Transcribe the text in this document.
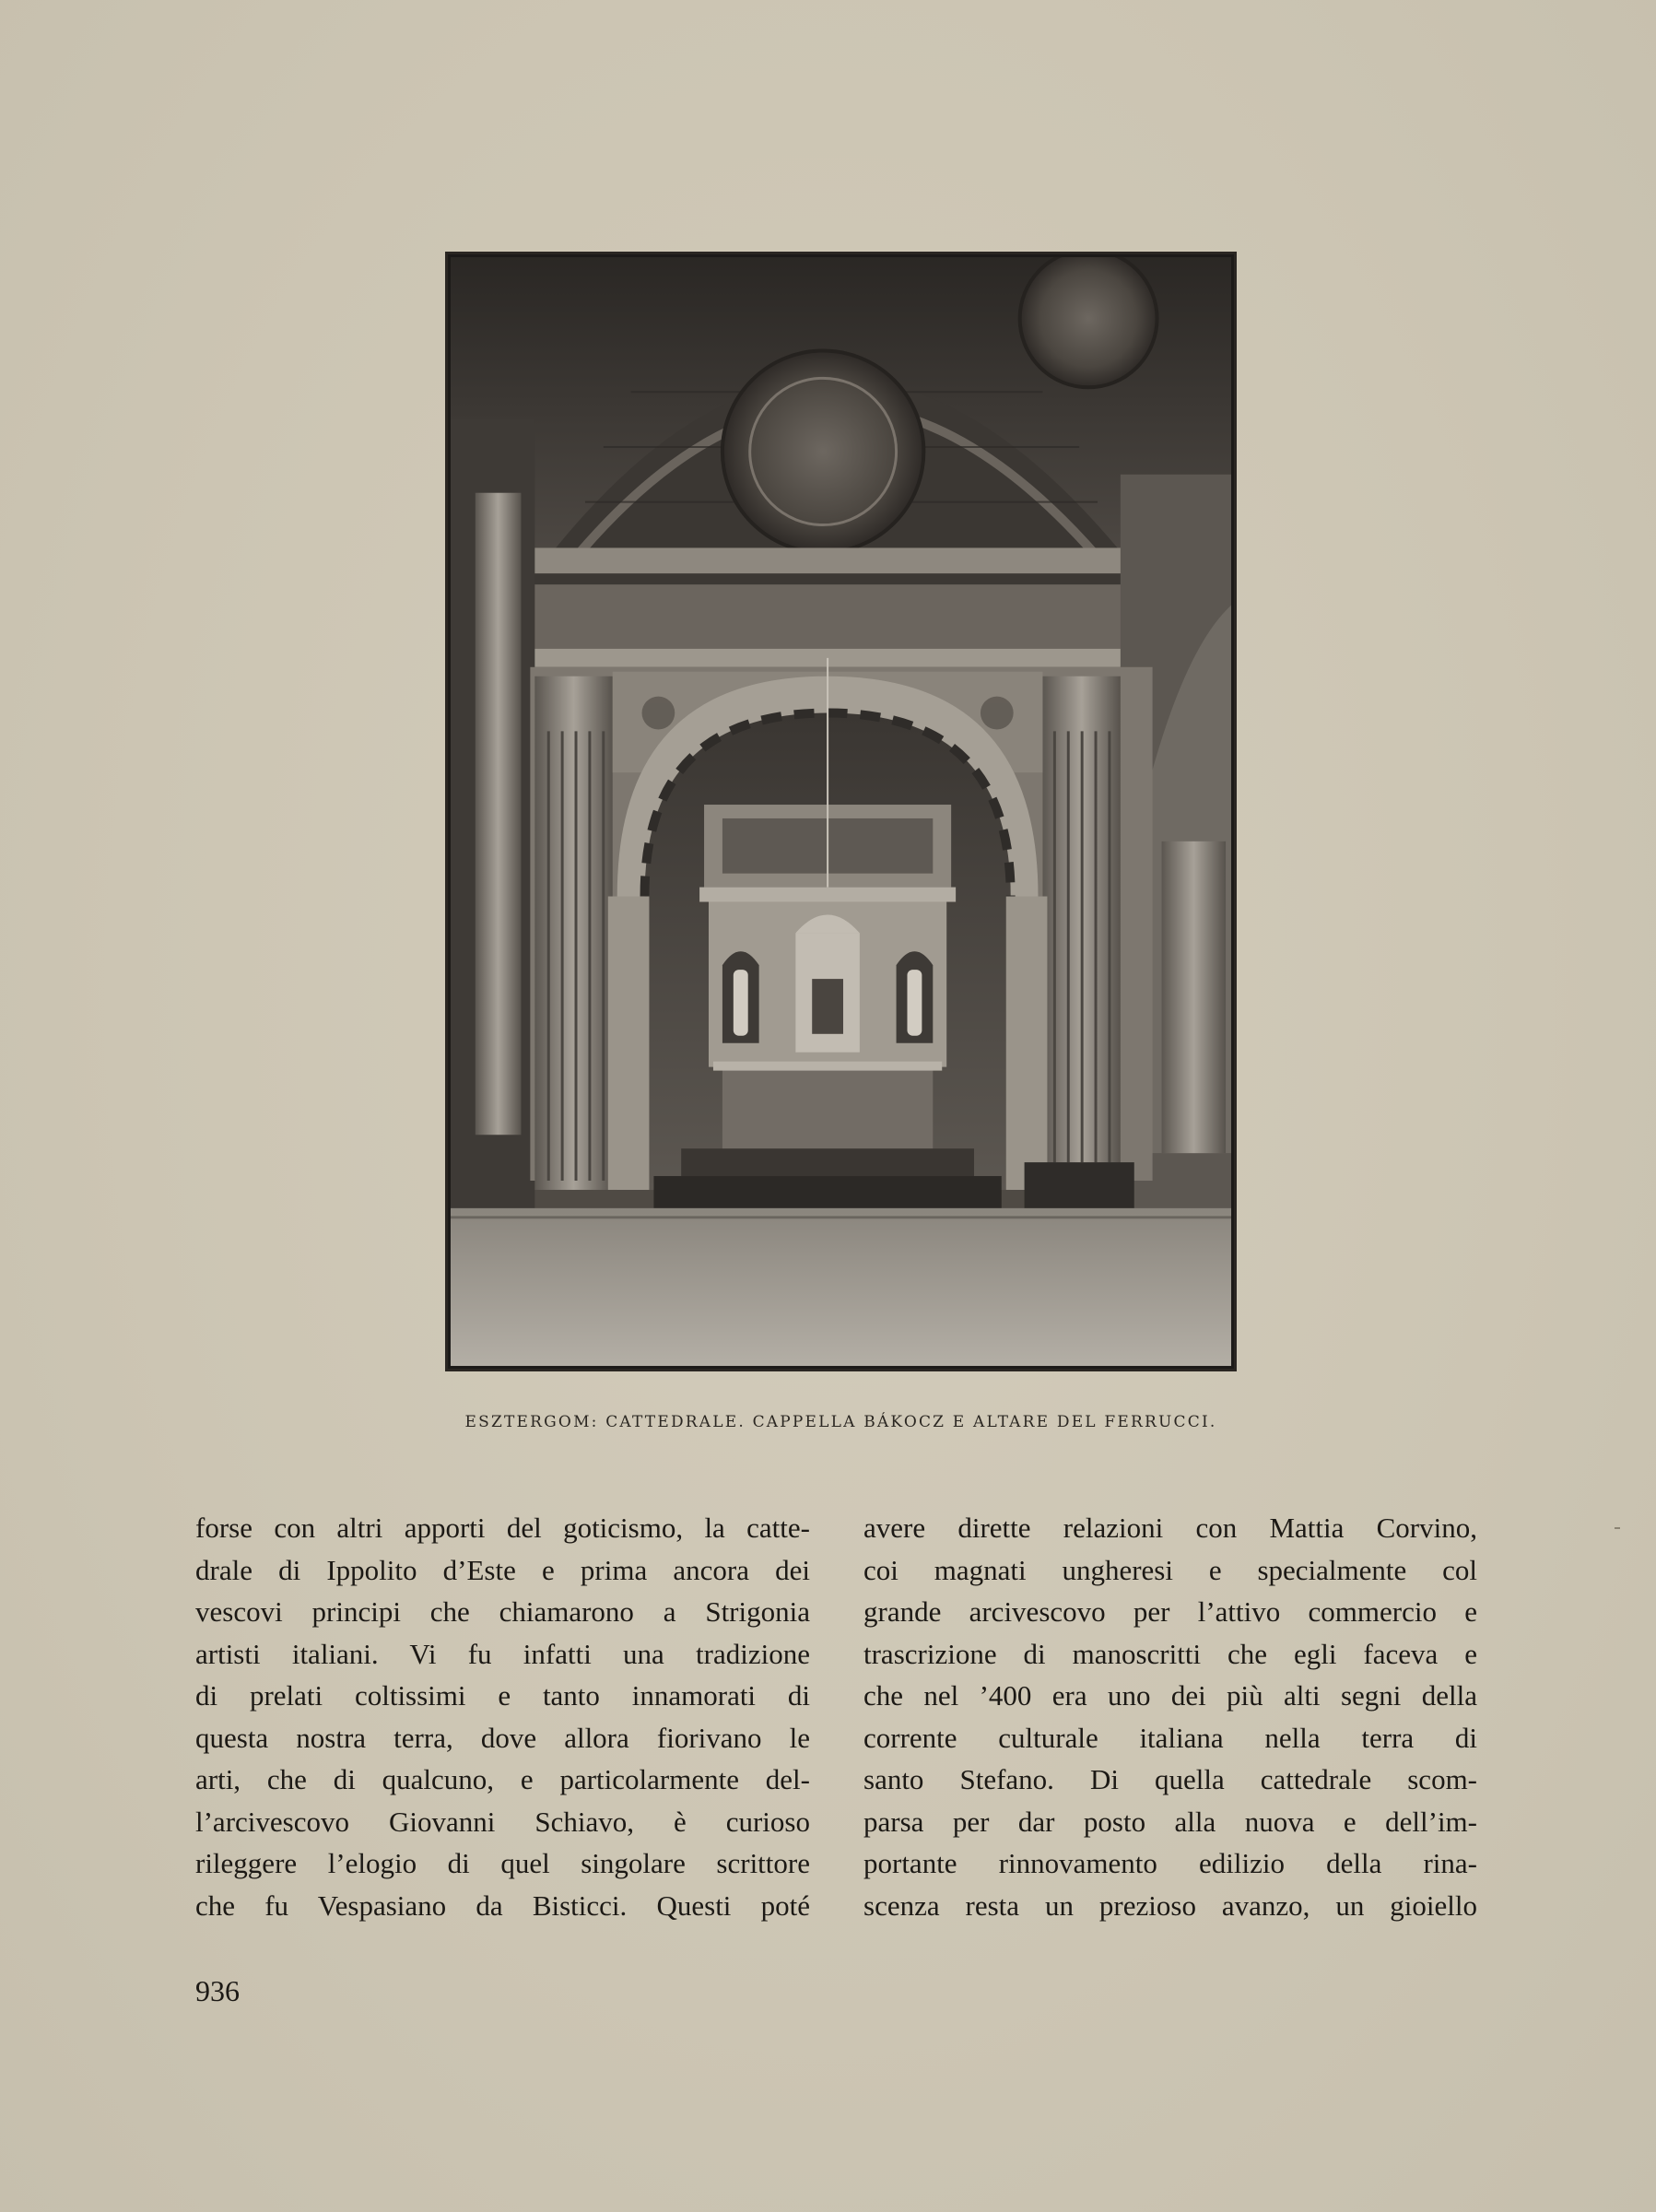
ESZTERGOM: CATTEDRALE. CAPPELLA BÁKOCZ E ALTARE DEL FERRUCCI.
forse con altri apporti del goticismo, la catte-
drale di Ippolito d’Este e prima ancora dei
vescovi principi che chiamarono a Strigonia
artisti italiani. Vi fu infatti una tradizione
di prelati coltissimi e tanto innamorati di
questa nostra terra, dove allora fiorivano le
arti, che di qualcuno, e particolarmente del-
l’arcivescovo Giovanni Schiavo, è curioso
rileggere l’elogio di quel singolare scrittore
che fu Vespasiano da Bisticci. Questi poté
avere dirette relazioni con Mattia Corvino,
coi magnati ungheresi e specialmente col
grande arcivescovo per l’attivo commercio e
trascrizione di manoscritti che egli faceva e
che nel ’400 era uno dei più alti segni della
corrente culturale italiana nella terra di
santo Stefano. Di quella cattedrale scom-
parsa per dar posto alla nuova e dell’im-
portante rinnovamento edilizio della rina-
scenza resta un prezioso avanzo, un gioiello
936
